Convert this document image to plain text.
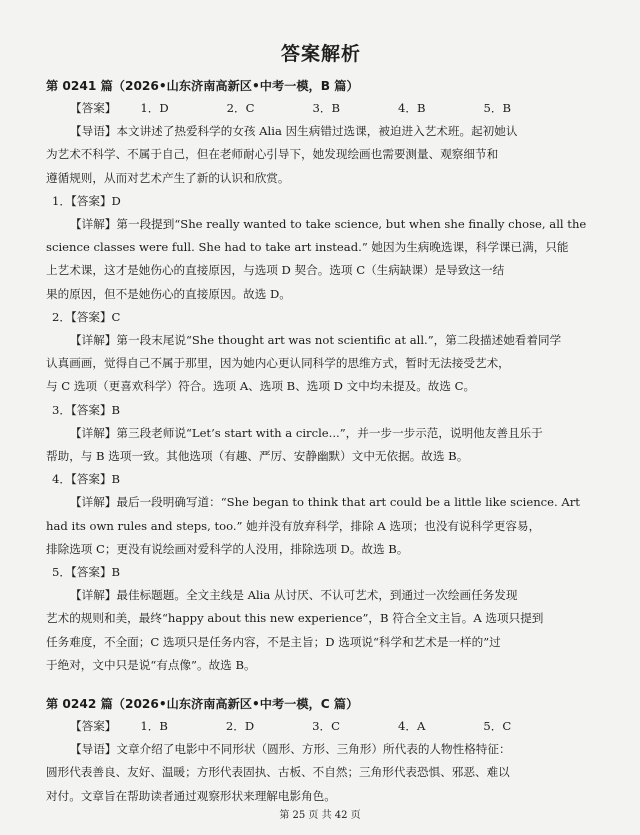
答案解析

第 0241 篇（2026•山东济南高新区•中考一模，B 篇）

【答案】 1．D	2．C	3．B	4．B	5．B

【导语】本文讲述了热爱科学的女孩 Alia 因生病错过选课，被迫进入艺术班。起初她认

为艺术不科学、不属于自己，但在老师耐心引导下，她发现绘画也需要测量、观察细节和

遵循规则，从而对艺术产生了新的认识和欣赏。

1．【答案】D

【详解】第一段提到“She really wanted to take science, but when she finally chose, all the

science classes were full. She had to take art instead.” 她因为生病晚选课，科学课已满，只能

上艺术课，这才是她伤心的直接原因，与选项 D 契合。选项 C（生病缺课）是导致这一结

果的原因，但不是她伤心的直接原因。故选 D。

2．【答案】C

【详解】第一段末尾说“She thought art was not scientific at all.”，第二段描述她看着同学

认真画画，觉得自己不属于那里，因为她内心更认同科学的思维方式，暂时无法接受艺术，

与 C 选项（更喜欢科学）符合。选项 A、选项 B、选项 D 文中均未提及。故选 C。

3．【答案】B

【详解】第三段老师说“Let’s start with a circle...”，并一步一步示范，说明他友善且乐于

帮助，与 B 选项一致。其他选项（有趣、严厉、安静幽默）文中无依据。故选 B。

4．【答案】B

【详解】最后一段明确写道：“She began to think that art could be a little like science. Art

had its own rules and steps, too.” 她并没有放弃科学，排除 A 选项；也没有说科学更容易，

排除选项 C；更没有说绘画对爱科学的人没用，排除选项 D。故选 B。

5．【答案】B

【详解】最佳标题题。全文主线是 Alia 从讨厌、不认可艺术，到通过一次绘画任务发现

艺术的规则和美，最终“happy about this new experience”，B 符合全文主旨。A 选项只提到

任务难度，不全面；C 选项只是任务内容，不是主旨；D 选项说“科学和艺术是一样的”过

于绝对，文中只是说“有点像”。故选 B。

第 0242 篇（2026•山东济南高新区•中考一模，C 篇）

【答案】 1．B	2．D	3．C	4．A	5．C

【导语】文章介绍了电影中不同形状（圆形、方形、三角形）所代表的人物性格特征：

圆形代表善良、友好、温暖；方形代表固执、古板、不自然；三角形代表恐惧、邪恶、难以

对付。文章旨在帮助读者通过观察形状来理解电影角色。

第 25 页 共 42 页
